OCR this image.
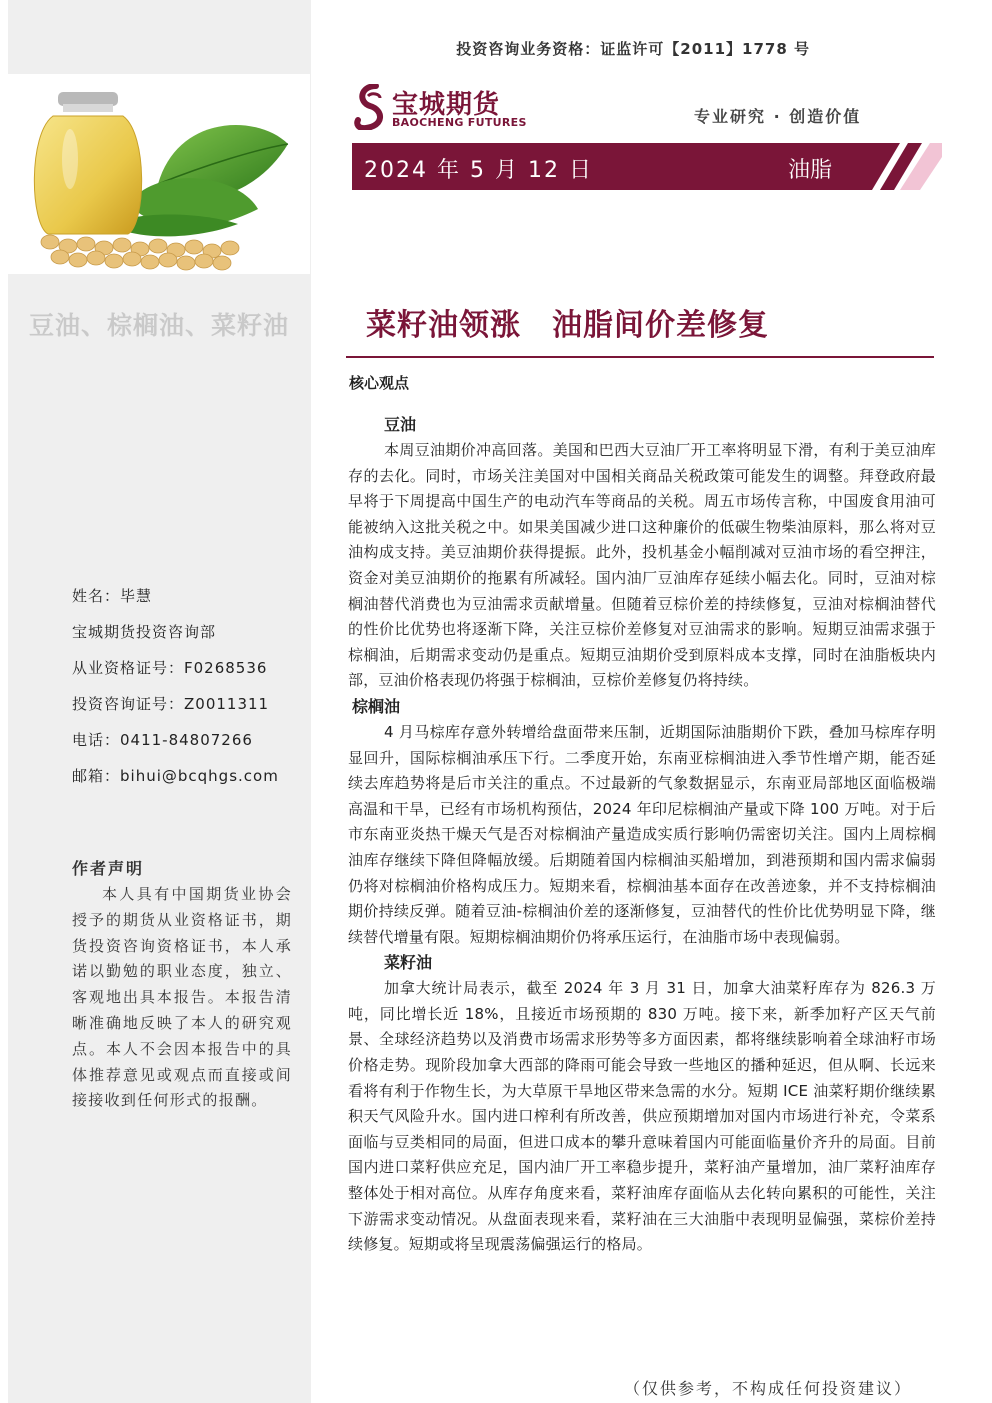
豆油、棕榈油、菜籽油
姓名：毕慧
宝城期货投资咨询部
从业资格证号：F0268536
投资咨询证号：Z0011311
电话：0411-84807266
邮箱：bihui@bcqhgs.com
作者声明
本人具有中国期货业协会授予的期货从业资格证书，期货投资咨询资格证书，本人承诺以勤勉的职业态度，独立、客观地出具本报告。本报告清晰准确地反映了本人的研究观点。本人不会因本报告中的具体推荐意见或观点而直接或间接接收到任何形式的报酬。
投资咨询业务资格：证监许可【2011】1778 号
宝城期货
BAOCHENG FUTURES	专业研究 · 创造价值
2024 年 5 月 12 日	油脂
菜籽油领涨　油脂间价差修复
核心观点
豆油

本周豆油期价冲高回落。美国和巴西大豆油厂开工率将明显下滑，有利于美豆油库存的去化。同时，市场关注美国对中国相关商品关税政策可能发生的调整。拜登政府最早将于下周提高中国生产的电动汽车等商品的关税。周五市场传言称，中国废食用油可能被纳入这批关税之中。如果美国减少进口这种廉价的低碳生物柴油原料，那么将对豆油构成支持。美豆油期价获得提振。此外，投机基金小幅削减对豆油市场的看空押注，资金对美豆油期价的拖累有所减轻。国内油厂豆油库存延续小幅去化。同时，豆油对棕榈油替代消费也为豆油需求贡献增量。但随着豆棕价差的持续修复，豆油对棕榈油替代的性价比优势也将逐渐下降，关注豆棕价差修复对豆油需求的影响。短期豆油需求强于棕榈油，后期需求变动仍是重点。短期豆油期价受到原料成本支撑，同时在油脂板块内部，豆油价格表现仍将强于棕榈油，豆棕价差修复仍将持续。

棕榈油

4 月马棕库存意外转增给盘面带来压制，近期国际油脂期价下跌，叠加马棕库存明显回升，国际棕榈油承压下行。二季度开始，东南亚棕榈油进入季节性增产期，能否延续去库趋势将是后市关注的重点。不过最新的气象数据显示，东南亚局部地区面临极端高温和干旱，已经有市场机构预估，2024 年印尼棕榈油产量或下降 100 万吨。对于后市东南亚炎热干燥天气是否对棕榈油产量造成实质行影响仍需密切关注。国内上周棕榈油库存继续下降但降幅放缓。后期随着国内棕榈油买船增加，到港预期和国内需求偏弱仍将对棕榈油价格构成压力。短期来看，棕榈油基本面存在改善迹象，并不支持棕榈油期价持续反弹。随着豆油-棕榈油价差的逐渐修复，豆油替代的性价比优势明显下降，继续替代增量有限。短期棕榈油期价仍将承压运行，在油脂市场中表现偏弱。

菜籽油

加拿大统计局表示，截至 2024 年 3 月 31 日，加拿大油菜籽库存为 826.3 万吨，同比增长近 18%，且接近市场预期的 830 万吨。接下来，新季加籽产区天气前景、全球经济趋势以及消费市场需求形势等多方面因素，都将继续影响着全球油籽市场价格走势。现阶段加拿大西部的降雨可能会导致一些地区的播种延迟，但从啊、长远来看将有利于作物生长，为大草原干旱地区带来急需的水分。短期 ICE 油菜籽期价继续累积天气风险升水。国内进口榨利有所改善，供应预期增加对国内市场进行补充，令菜系面临与豆类相同的局面，但进口成本的攀升意味着国内可能面临量价齐升的局面。目前国内进口菜籽供应充足，国内油厂开工率稳步提升，菜籽油产量增加，油厂菜籽油库存整体处于相对高位。从库存角度来看，菜籽油库存面临从去化转向累积的可能性，关注下游需求变动情况。从盘面表现来看，菜籽油在三大油脂中表现明显偏强，菜棕价差持续修复。短期或将呈现震荡偏强运行的格局。

（仅供参考，不构成任何投资建议）
